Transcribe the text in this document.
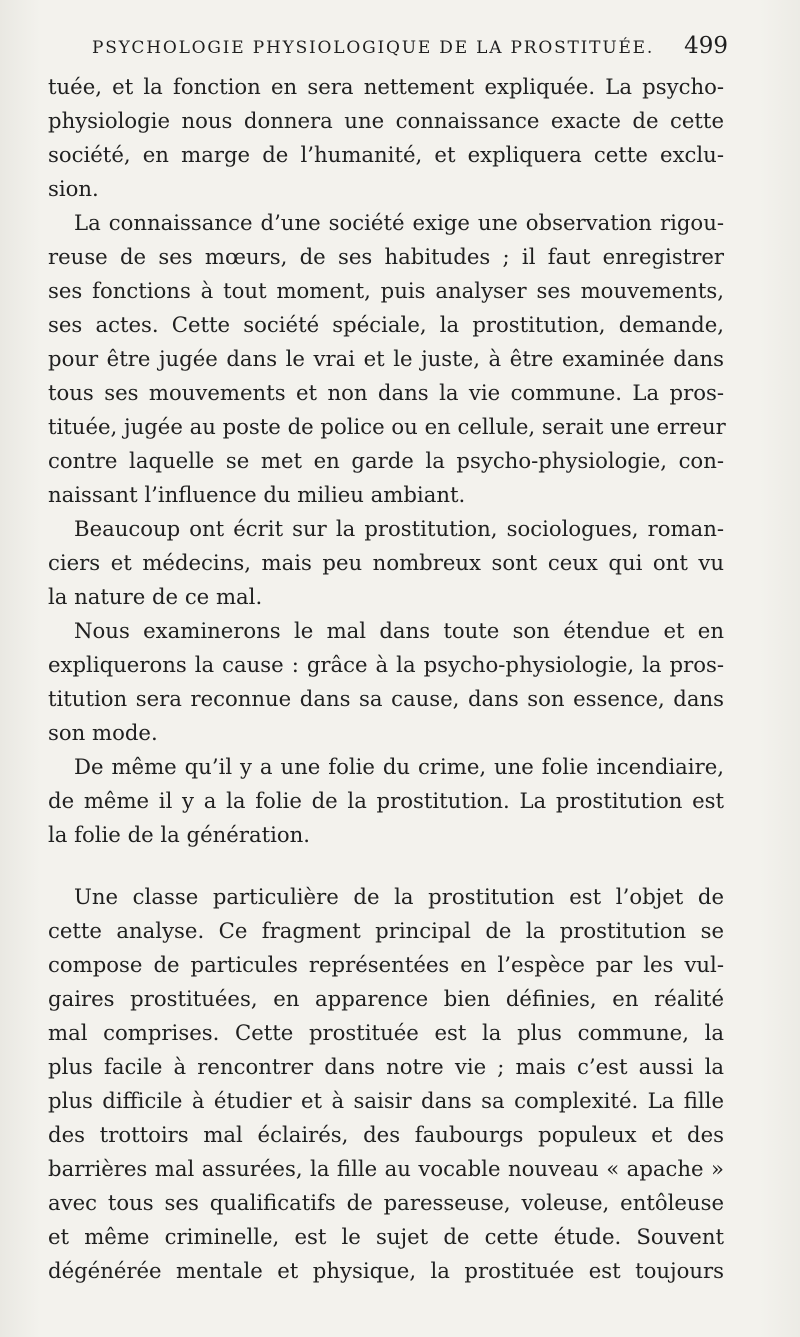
PSYCHOLOGIE PHYSIOLOGIQUE DE LA PROSTITUÉE. 499
tuée, et la fonction en sera nettement expliquée. La psycho-
physiologie nous donnera une connaissance exacte de cette
société, en marge de l’humanité, et expliquera cette exclu-
sion.
La connaissance d’une société exige une observation rigou-
reuse de ses mœurs, de ses habitudes ; il faut enregistrer
ses fonctions à tout moment, puis analyser ses mouvements,
ses actes. Cette société spéciale, la prostitution, demande,
pour être jugée dans le vrai et le juste, à être examinée dans
tous ses mouvements et non dans la vie commune. La pros-
tituée, jugée au poste de police ou en cellule, serait une erreur
contre laquelle se met en garde la psycho-physiologie, con-
naissant l’influence du milieu ambiant.
Beaucoup ont écrit sur la prostitution, sociologues, roman-
ciers et médecins, mais peu nombreux sont ceux qui ont vu
la nature de ce mal.
Nous examinerons le mal dans toute son étendue et en
expliquerons la cause : grâce à la psycho-physiologie, la pros-
titution sera reconnue dans sa cause, dans son essence, dans
son mode.
De même qu’il y a une folie du crime, une folie incendiaire,
de même il y a la folie de la prostitution. La prostitution est
la folie de la génération.
Une classe particulière de la prostitution est l’objet de
cette analyse. Ce fragment principal de la prostitution se
compose de particules représentées en l’espèce par les vul-
gaires prostituées, en apparence bien définies, en réalité
mal comprises. Cette prostituée est la plus commune, la
plus facile à rencontrer dans notre vie ; mais c’est aussi la
plus difficile à étudier et à saisir dans sa complexité. La fille
des trottoirs mal éclairés, des faubourgs populeux et des
barrières mal assurées, la fille au vocable nouveau « apache »
avec tous ses qualificatifs de paresseuse, voleuse, entôleuse
et même criminelle, est le sujet de cette étude. Souvent
dégénérée mentale et physique, la prostituée est toujours
